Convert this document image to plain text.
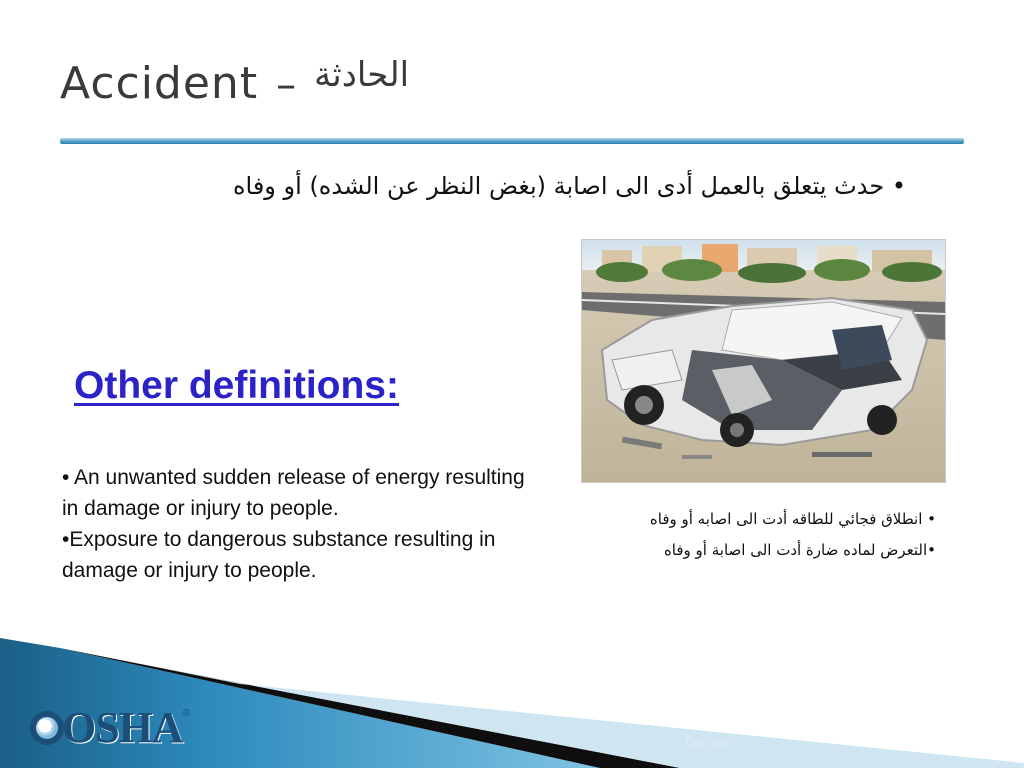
Accident – الحادثة
• حدث يتعلق بالعمل أدى الى اصابة (بغض النظر عن الشده) أو وفاه
Other definitions:

• An unwanted sudden release of energy resulting in damage or injury to people.

•Exposure to dangerous substance resulting in damage or injury to people.

• انطلاق فجائي للطاقه أدت الى اصابه أو وفاه

•التعرض لماده ضارة أدت الى اصابة أو وفاه

OSHA ®
Doc title
